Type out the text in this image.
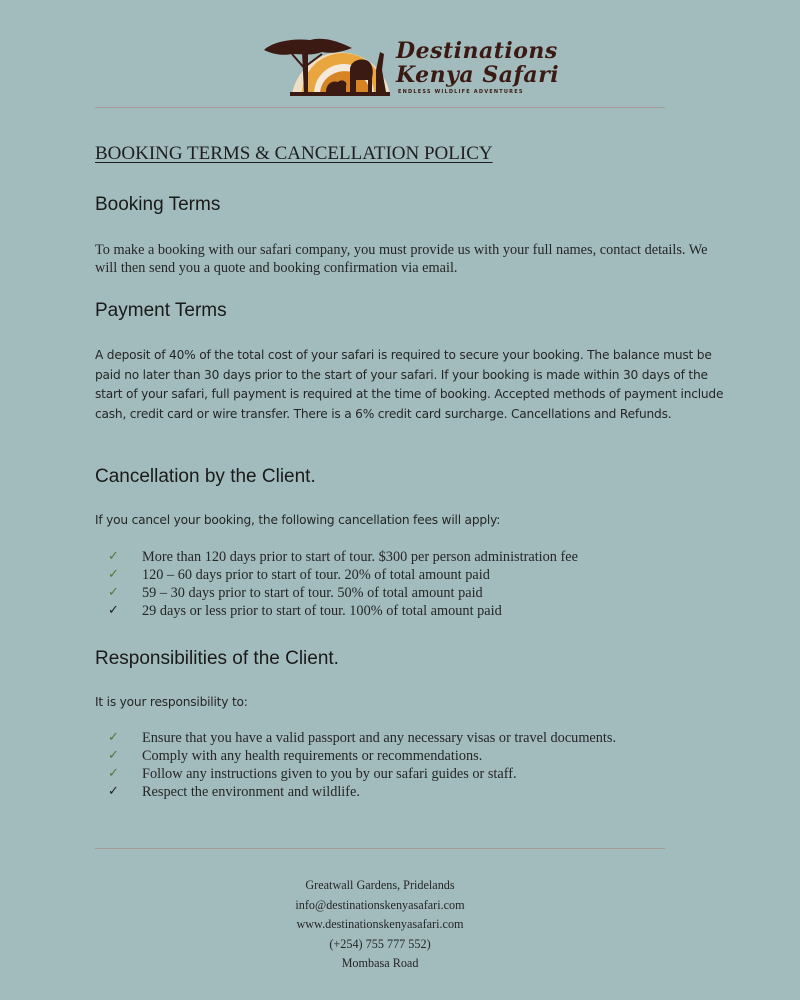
Destinations
Kenya Safari
ENDLESS WILDLIFE ADVENTURES
BOOKING TERMS & CANCELLATION POLICY
Booking Terms

To make a booking with our safari company, you must provide us with your full names, contact details. We will then send you a quote and booking confirmation via email.

Payment Terms

A deposit of 40% of the total cost of your safari is required to secure your booking. The balance must be paid no later than 30 days prior to the start of your safari. If your booking is made within 30 days of the start of your safari, full payment is required at the time of booking. Accepted methods of payment include cash, credit card or wire transfer. There is a 6% credit card surcharge. Cancellations and Refunds.

Cancellation by the Client.

If you cancel your booking, the following cancellation fees will apply:

✓ More than 120 days prior to start of tour. $300 per person administration fee
✓ 120 – 60 days prior to start of tour. 20% of total amount paid
✓ 59 – 30 days prior to start of tour. 50% of total amount paid
✓ 29 days or less prior to start of tour. 100% of total amount paid
Responsibilities of the Client.

It is your responsibility to:

✓ Ensure that you have a valid passport and any necessary visas or travel documents.
✓ Comply with any health requirements or recommendations.
✓ Follow any instructions given to you by our safari guides or staff.
✓ Respect the environment and wildlife.
Greatwall Gardens, Pridelands
info@destinationskenyasafari.com
www.destinationskenyasafari.com
(+254) 755 777 552)
Mombasa Road
